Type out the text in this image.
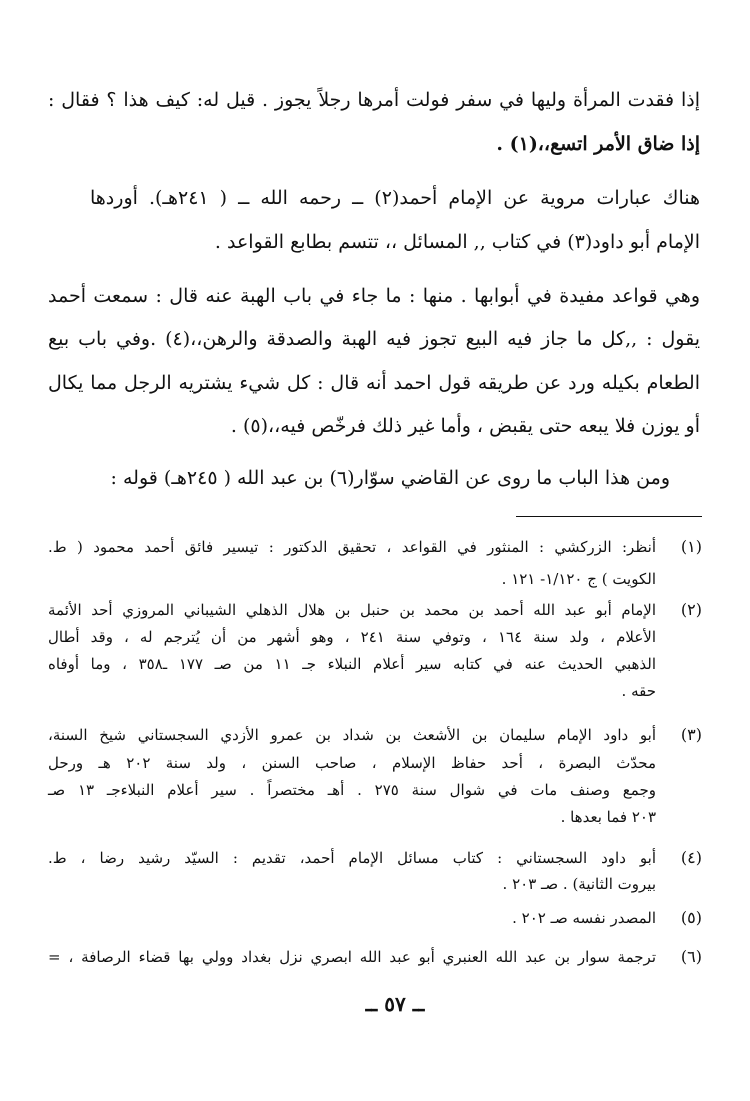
إذا فقدت المرأة وليها في سفر فولت أمرها رجلاً يجوز . قيل له: كيف هذا ؟ فقال :
إذا ضاق الأمر اتسع،،(١) .
هناك عبارات مروية عن الإمام أحمد(٢) ــ رحمه الله ــ ( ٢٤١هـ). أوردها
الإمام أبو داود(٣) في كتاب ,, المسائل ،، تتسم بطابع القواعد .
وهي قواعد مفيدة في أبوابها . منها : ما جاء في باب الهبة عنه قال : سمعت أحمد
يقول : ,,كل ما جاز فيه البيع تجوز فيه الهبة والصدقة والرهن،،(٤) .وفي باب بيع
الطعام بكيله ورد عن طريقه قول احمد أنه قال : كل شيء يشتريه الرجل مما يكال
أو يوزن فلا يبعه حتى يقبض ، وأما غير ذلك فرخّص فيه،،(٥) .
ومن هذا الباب ما روى عن القاضي سوّار(٦) بن عبد الله ( ٢٤٥هـ) قوله :
(١)
أنظر: الزركشي : المنثور في القواعد ، تحقيق الدكتور : تيسير فائق أحمد محمود ( ط.
الكويت ) ج ١/١٢٠- ١٢١ .
(٢)
الإمام أبو عبد الله أحمد بن محمد بن حنبل بن هلال الذهلي الشيباني المروزي أحد الأئمة
الأعلام ، ولد سنة ١٦٤ ، وتوفي سنة ٢٤١ ، وهو أشهر من أن يُترجم له ، وقد أطال
الذهبي الحديث عنه في كتابه سير أعلام النبلاء جـ ١١ من صـ ١٧٧ ـ٣٥٨ ، وما أوفاه
حقه .
(٣)
أبو داود الإمام سليمان بن الأشعث بن شداد بن عمرو الأزدي السجستاني شيخ السنة،
محدّث البصرة ، أحد حفاظ الإسلام ، صاحب السنن ، ولد سنة ٢٠٢ هـ ورحل
وجمع وصنف مات في شوال سنة ٢٧٥ . أهـ مختصراً . سير أعلام النبلاءجـ ١٣ صـ
٢٠٣ فما بعدها .
(٤)
أبو داود السجستاني : كتاب مسائل الإمام أحمد، تقديم : السيّد رشيد رضا ، ط.
بيروت الثانية) . صـ ٢٠٣ .
(٥)
المصدر نفسه صـ ٢٠٢ .
(٦)
ترجمة سوار بن عبد الله العنبري أبو عبد الله ابصري نزل بغداد وولي بها قضاء الرصافة ، =
ــ ٥٧ ــ
